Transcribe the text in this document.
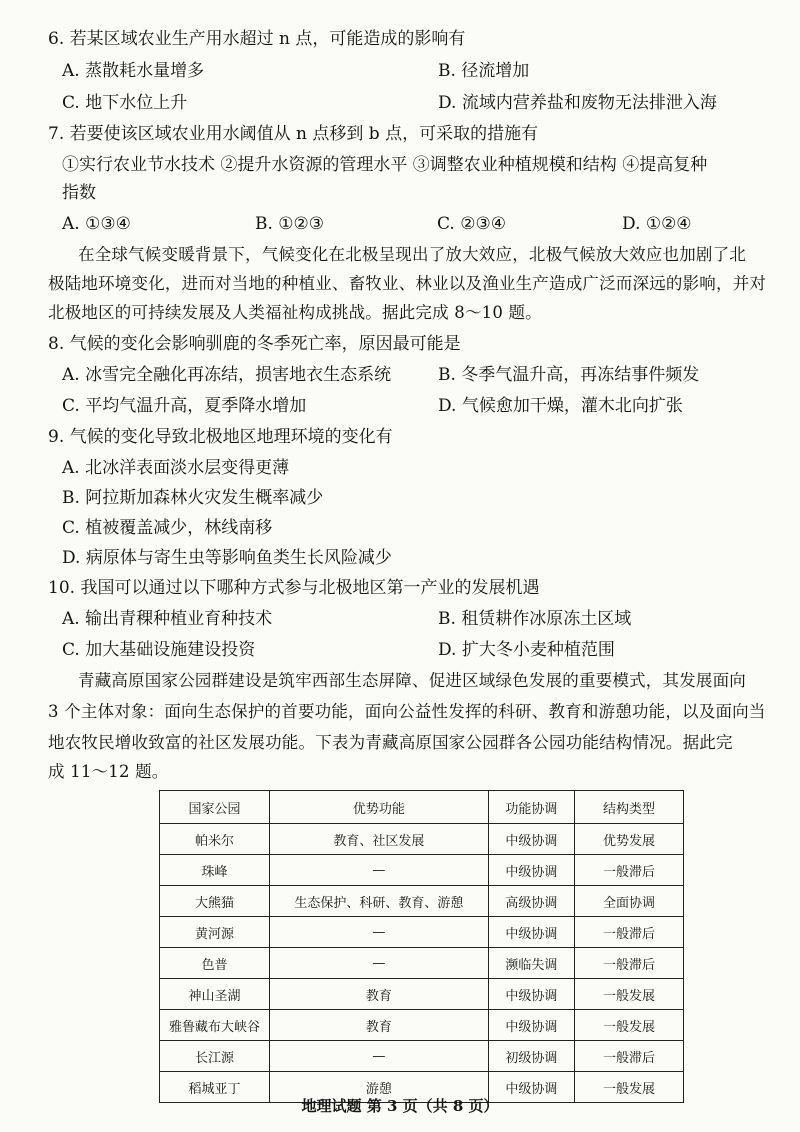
6. 若某区域农业生产用水超过 n 点，可能造成的影响有
A. 蒸散耗水量增多	B. 径流增加
C. 地下水位上升	D. 流域内营养盐和废物无法排泄入海
7. 若要使该区域农业用水阈值从 n 点移到 b 点，可采取的措施有
①实行农业节水技术 ②提升水资源的管理水平 ③调整农业种植规模和结构 ④提高复种
指数
A. ①③④	B. ①②③	C. ②③④	D. ①②④
在全球气候变暖背景下，气候变化在北极呈现出了放大效应，北极气候放大效应也加剧了北
极陆地环境变化，进而对当地的种植业、畜牧业、林业以及渔业生产造成广泛而深远的影响，并对
北极地区的可持续发展及人类福祉构成挑战。据此完成 8～10 题。
8. 气候的变化会影响驯鹿的冬季死亡率，原因最可能是
A. 冰雪完全融化再冻结，损害地衣生态系统	B. 冬季气温升高，再冻结事件频发
C. 平均气温升高，夏季降水增加	D. 气候愈加干燥，灌木北向扩张
9. 气候的变化导致北极地区地理环境的变化有
A. 北冰洋表面淡水层变得更薄
B. 阿拉斯加森林火灾发生概率减少
C. 植被覆盖减少，林线南移
D. 病原体与寄生虫等影响鱼类生长风险减少
10. 我国可以通过以下哪种方式参与北极地区第一产业的发展机遇
A. 输出青稞种植业育种技术	B. 租赁耕作冰原冻土区域
C. 加大基础设施建设投资	D. 扩大冬小麦种植范围
青藏高原国家公园群建设是筑牢西部生态屏障、促进区域绿色发展的重要模式，其发展面向
3 个主体对象：面向生态保护的首要功能，面向公益性发挥的科研、教育和游憩功能，以及面向当
地农牧民增收致富的社区发展功能。下表为青藏高原国家公园群各公园功能结构情况。据此完
成 11～12 题。
国家公园	优势功能	功能协调	结构类型
帕米尔	教育、社区发展	中级协调	优势发展
珠峰	—	中级协调	一般滞后
大熊猫	生态保护、科研、教育、游憩	高级协调	全面协调
黄河源	—	中级协调	一般滞后
色普	—	濒临失调	一般滞后
神山圣湖	教育	中级协调	一般发展
雅鲁藏布大峡谷	教育	中级协调	一般发展
长江源	—	初级协调	一般滞后
稻城亚丁	游憩	中级协调	一般发展
地理试题 第 3 页（共 8 页）
